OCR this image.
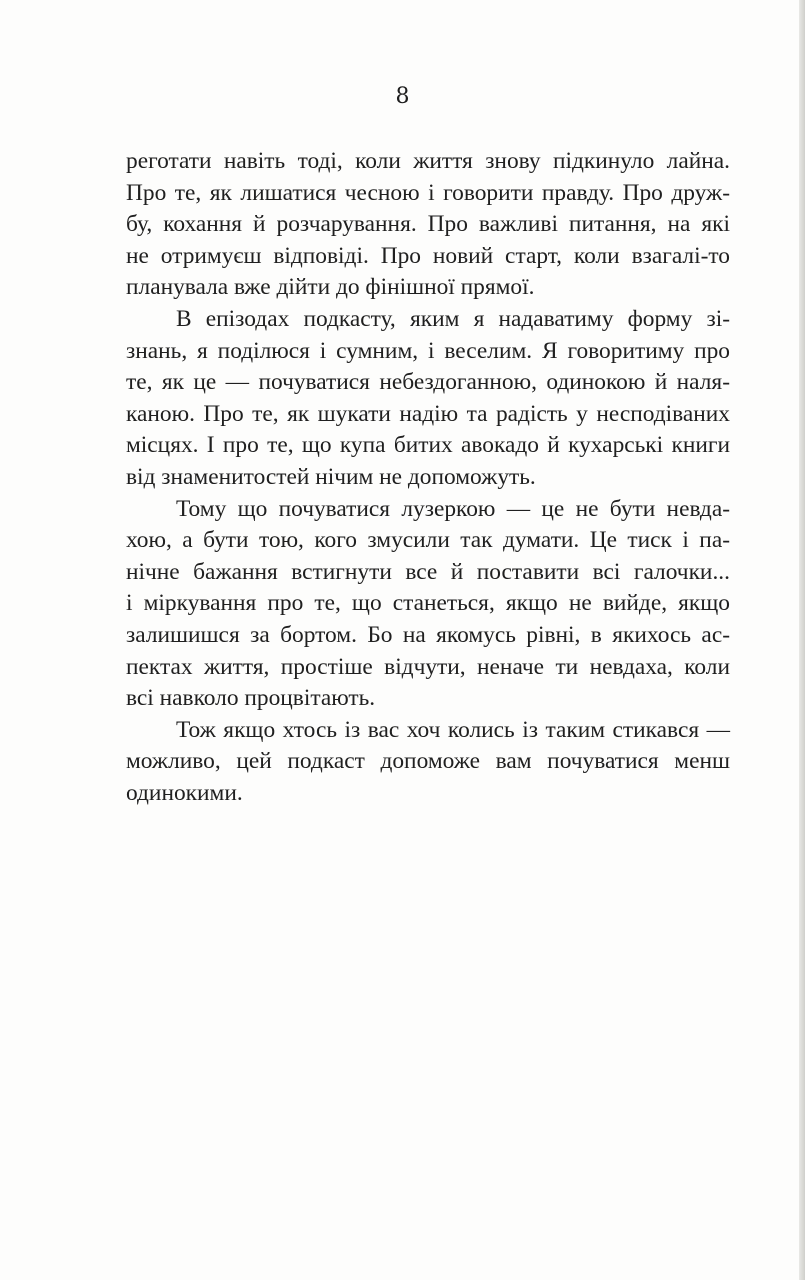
8
реготати навіть тоді, коли життя знову підкинуло лайна.
Про те, як лишатися чесною і говорити правду. Про друж-
бу, кохання й розчарування. Про важливі питання, на які
не отримуєш відповіді. Про новий старт, коли взагалі-то
планувала вже дійти до фінішної прямої.
В епізодах подкасту, яким я надаватиму форму зі-
знань, я поділюся і сумним, і веселим. Я говоритиму про
те, як це — почуватися небездоганною, одинокою й наля-
каною. Про те, як шукати надію та радість у несподіваних
місцях. І про те, що купа битих авокадо й кухарські книги
від знаменитостей нічим не допоможуть.
Тому що почуватися лузеркою — це не бути невда-
хою, а бути тою, кого змусили так думати. Це тиск і па-
нічне бажання встигнути все й поставити всі галочки...
і міркування про те, що станеться, якщо не вийде, якщо
залишишся за бортом. Бо на якомусь рівні, в якихось ас-
пектах життя, простіше відчути, неначе ти невдаха, коли
всі навколо процвітають.
Тож якщо хтось із вас хоч колись із таким стикався —
можливо, цей подкаст допоможе вам почуватися менш
одинокими.
